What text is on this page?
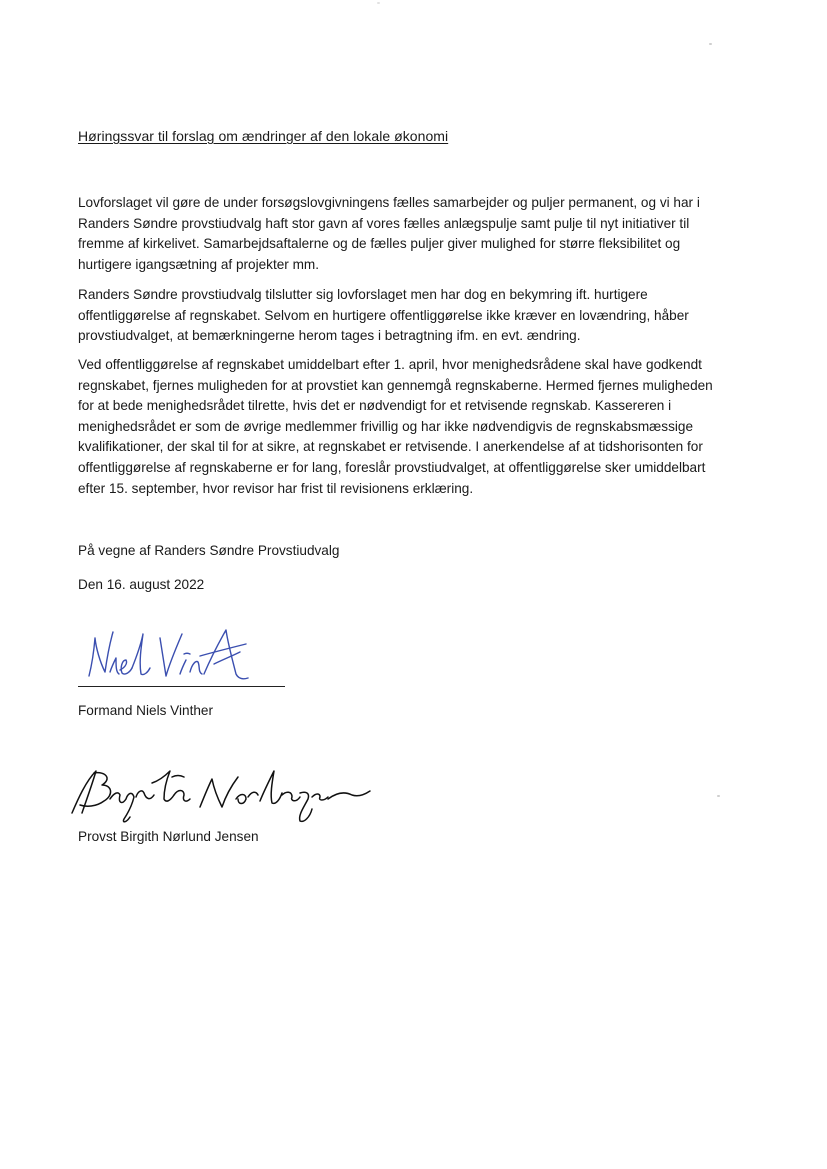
Høringssvar til forslag om ændringer af den lokale økonomi
Lovforslaget vil gøre de under forsøgslovgivningens fælles samarbejder og puljer permanent, og vi har i
Randers Søndre provstiudvalg haft stor gavn af vores fælles anlægspulje samt pulje til nyt initiativer til
fremme af kirkelivet. Samarbejdsaftalerne og de fælles puljer giver mulighed for større fleksibilitet og
hurtigere igangsætning af projekter mm.
Randers Søndre provstiudvalg tilslutter sig lovforslaget men har dog en bekymring ift. hurtigere
offentliggørelse af regnskabet. Selvom en hurtigere offentliggørelse ikke kræver en lovændring, håber
provstiudvalget, at bemærkningerne herom tages i betragtning ifm. en evt. ændring.
Ved offentliggørelse af regnskabet umiddelbart efter 1. april, hvor menighedsrådene skal have godkendt
regnskabet, fjernes muligheden for at provstiet kan gennemgå regnskaberne. Hermed fjernes muligheden
for at bede menighedsrådet tilrette, hvis det er nødvendigt for et retvisende regnskab. Kassereren i
menighedsrådet er som de øvrige medlemmer frivillig og har ikke nødvendigvis de regnskabsmæssige
kvalifikationer, der skal til for at sikre, at regnskabet er retvisende. I anerkendelse af at tidshorisonten for
offentliggørelse af regnskaberne er for lang, foreslår provstiudvalget, at offentliggørelse sker umiddelbart
efter 15. september, hvor revisor har frist til revisionens erklæring.
På vegne af Randers Søndre Provstiudvalg
Den 16. august 2022
Formand Niels Vinther
Provst Birgith Nørlund Jensen
